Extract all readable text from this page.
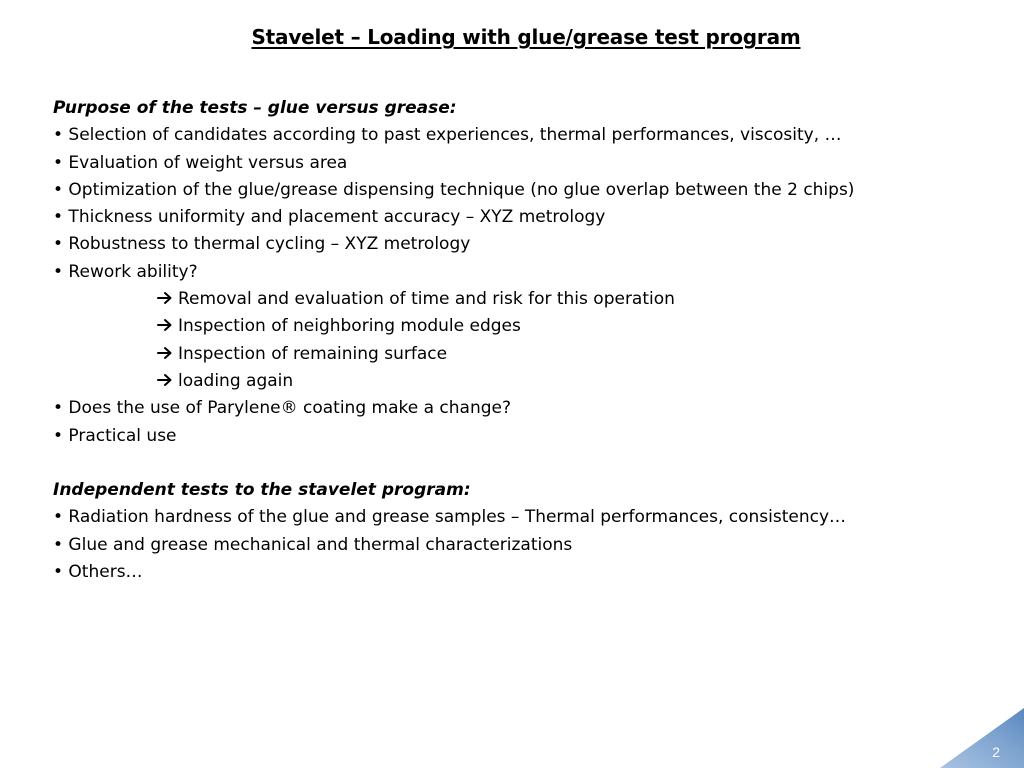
Stavelet – Loading with glue/grease test program
Purpose of the tests – glue versus grease:
• Selection of candidates according to past experiences, thermal performances, viscosity, …
• Evaluation of weight versus area
• Optimization of the glue/grease dispensing technique (no glue overlap between the 2 chips)
• Thickness uniformity and placement accuracy – XYZ metrology
• Robustness to thermal cycling – XYZ metrology
• Rework ability?
Removal and evaluation of time and risk for this operation
Inspection of neighboring module edges
Inspection of remaining surface
loading again
• Does the use of Parylene® coating make a change?
• Practical use
Independent tests to the stavelet program:
• Radiation hardness of the glue and grease samples – Thermal performances, consistency…
• Glue and grease mechanical and thermal characterizations
• Others…
2
